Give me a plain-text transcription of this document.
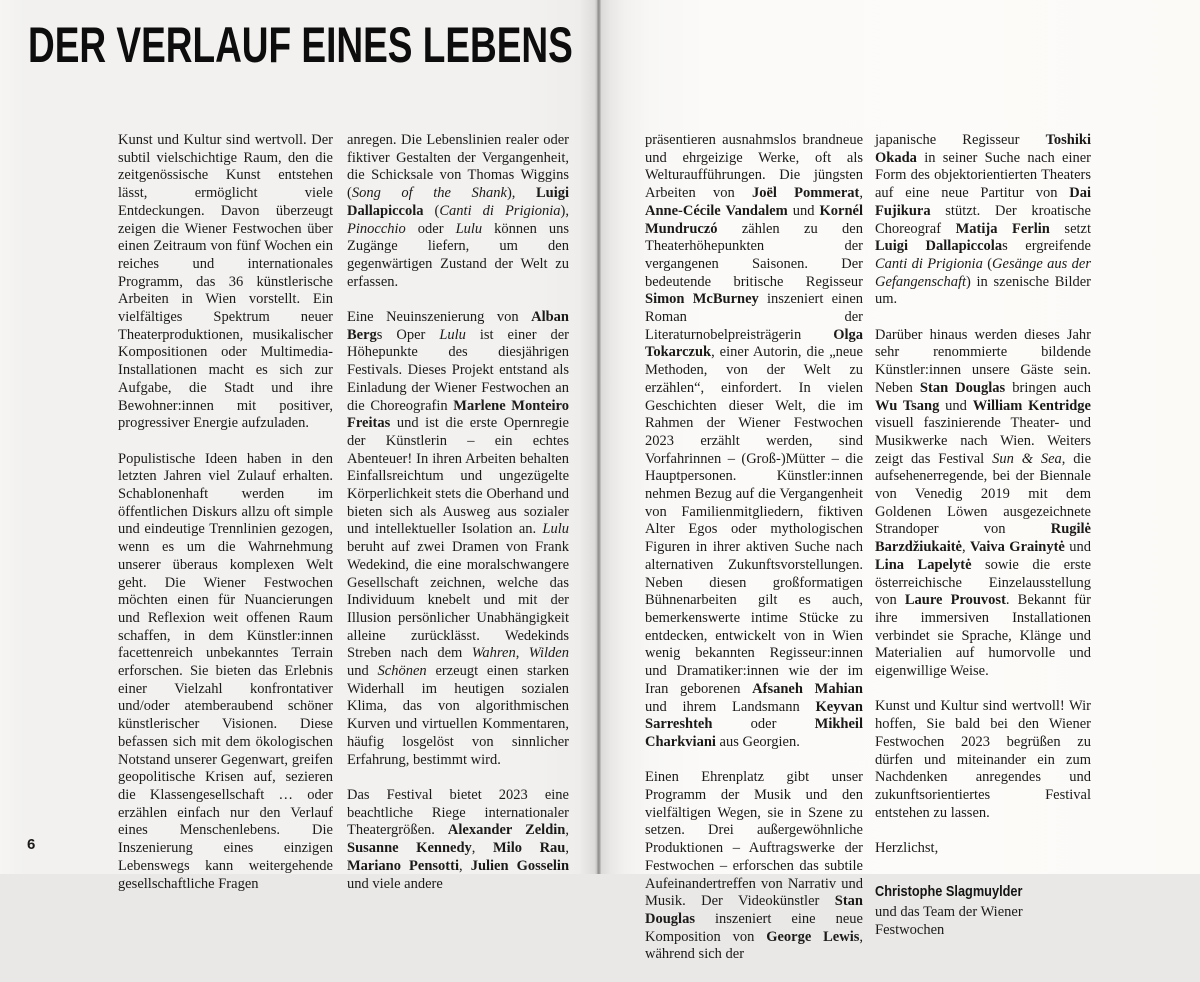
DER VERLAUF EINES LEBENS

Kunst und Kultur sind wertvoll. Der subtil vielschichtige Raum, den die zeitgenössische Kunst entstehen lässt, ermöglicht viele Entdeckungen. Davon überzeugt zeigen die Wiener Festwochen über einen Zeitraum von fünf Wochen ein reiches und internationales Programm, das 36 künstlerische Arbeiten in Wien vorstellt. Ein vielfältiges Spektrum neuer Theaterproduktionen, musikalischer Kompositionen oder Multimedia-Installationen macht es sich zur Aufgabe, die Stadt und ihre Bewohner:innen mit positiver, progressiver Energie aufzuladen.

Populistische Ideen haben in den letzten Jahren viel Zulauf erhalten. Schablonenhaft werden im öffentlichen Diskurs allzu oft simple und eindeutige Trennlinien gezogen, wenn es um die Wahrnehmung unserer überaus komplexen Welt geht. Die Wiener Festwochen möchten einen für Nuancierungen und Reflexion weit offenen Raum schaffen, in dem Künstler:innen facettenreich unbekanntes Terrain erforschen. Sie bieten das Erlebnis einer Vielzahl konfrontativer und/oder atemberaubend schöner künstlerischer Visionen. Diese befassen sich mit dem ökologischen Notstand unserer Gegenwart, greifen geopolitische Krisen auf, sezieren die Klassengesellschaft … oder erzählen einfach nur den Verlauf eines Menschenlebens. Die Inszenierung eines einzigen Lebenswegs kann weitergehende gesellschaftliche Fragen

anregen. Die Lebenslinien realer oder fiktiver Gestalten der Vergangenheit, die Schicksale von Thomas Wiggins (Song of the Shank), Luigi Dallapiccola (Canti di Prigionia), Pinocchio oder Lulu können uns Zugänge liefern, um den gegenwärtigen Zustand der Welt zu erfassen.

Eine Neuinszenierung von Alban Bergs Oper Lulu ist einer der Höhepunkte des diesjährigen Festivals. Dieses Projekt entstand als Einladung der Wiener Festwochen an die Choreografin Marlene Monteiro Freitas und ist die erste Opernregie der Künstlerin – ein echtes Abenteuer! In ihren Arbeiten behalten Einfallsreichtum und ungezügelte Körperlichkeit stets die Oberhand und bieten sich als Ausweg aus sozialer und intellektueller Isolation an. Lulu beruht auf zwei Dramen von Frank Wedekind, die eine moralschwangere Gesellschaft zeichnen, welche das Individuum knebelt und mit der Illusion persönlicher Unabhängigkeit alleine zurücklässt. Wedekinds Streben nach dem Wahren, Wilden und Schönen erzeugt einen starken Widerhall im heutigen sozialen Klima, das von algorithmischen Kurven und virtuellen Kommentaren, häufig losgelöst von sinnlicher Erfahrung, bestimmt wird.

Das Festival bietet 2023 eine beachtliche Riege internationaler Theatergrößen. Alexander Zeldin, Susanne Kennedy, Milo Rau, Mariano Pensotti, Julien Gosselin und viele andere

6

präsentieren ausnahmslos brandneue und ehrgeizige Werke, oft als Welturaufführungen. Die jüngsten Arbeiten von Joël Pommerat, Anne-Cécile Vandalem und Kornél Mundruczó zählen zu den Theaterhöhepunkten der vergangenen Saisonen. Der bedeutende britische Regisseur Simon McBurney inszeniert einen Roman der Literaturnobelpreisträgerin Olga Tokarczuk, einer Autorin, die „neue Methoden, von der Welt zu erzählen“, einfordert. In vielen Geschichten dieser Welt, die im Rahmen der Wiener Festwochen 2023 erzählt werden, sind Vorfahrinnen – (Groß-)Mütter – die Hauptpersonen. Künstler:innen nehmen Bezug auf die Vergangenheit von Familienmitgliedern, fiktiven Alter Egos oder mythologischen Figuren in ihrer aktiven Suche nach alternativen Zukunftsvorstellungen. Neben diesen großformatigen Bühnenarbeiten gilt es auch, bemerkenswerte intime Stücke zu entdecken, entwickelt von in Wien wenig bekannten Regisseur:innen und Dramatiker:innen wie der im Iran geborenen Afsaneh Mahian und ihrem Landsmann Keyvan Sarreshteh oder Mikheil Charkviani aus Georgien.

Einen Ehrenplatz gibt unser Programm der Musik und den vielfältigen Wegen, sie in Szene zu setzen. Drei außergewöhnliche Produktionen – Auftragswerke der Festwochen – erforschen das subtile Aufeinandertreffen von Narrativ und Musik. Der Videokünstler Stan Douglas inszeniert eine neue Komposition von George Lewis, während sich der

japanische Regisseur Toshiki Okada in seiner Suche nach einer Form des objektorientierten Theaters auf eine neue Partitur von Dai Fujikura stützt. Der kroatische Choreograf Matija Ferlin setzt Luigi Dallapiccolas ergreifende Canti di Prigionia (Gesänge aus der Gefangenschaft) in szenische Bilder um.

Darüber hinaus werden dieses Jahr sehr renommierte bildende Künstler:innen unsere Gäste sein. Neben Stan Douglas bringen auch Wu Tsang und William Kentridge visuell faszinierende Theater- und Musikwerke nach Wien. Weiters zeigt das Festival Sun & Sea, die aufsehenerregende, bei der Biennale von Venedig 2019 mit dem Goldenen Löwen ausgezeichnete Strandoper von Rugilė Barzdžiukaitė, Vaiva Grainytė und Lina Lapelytė sowie die erste österreichische Einzelausstellung von Laure Prouvost. Bekannt für ihre immersiven Installationen verbindet sie Sprache, Klänge und Materialien auf humorvolle und eigenwillige Weise.

Kunst und Kultur sind wertvoll! Wir hoffen, Sie bald bei den Wiener Festwochen 2023 begrüßen zu dürfen und miteinander ein zum Nachdenken anregendes und zukunftsorientiertes Festival entstehen zu lassen.

Herzlichst,

Christophe Slagmuylder
und das Team der Wiener Festwochen
